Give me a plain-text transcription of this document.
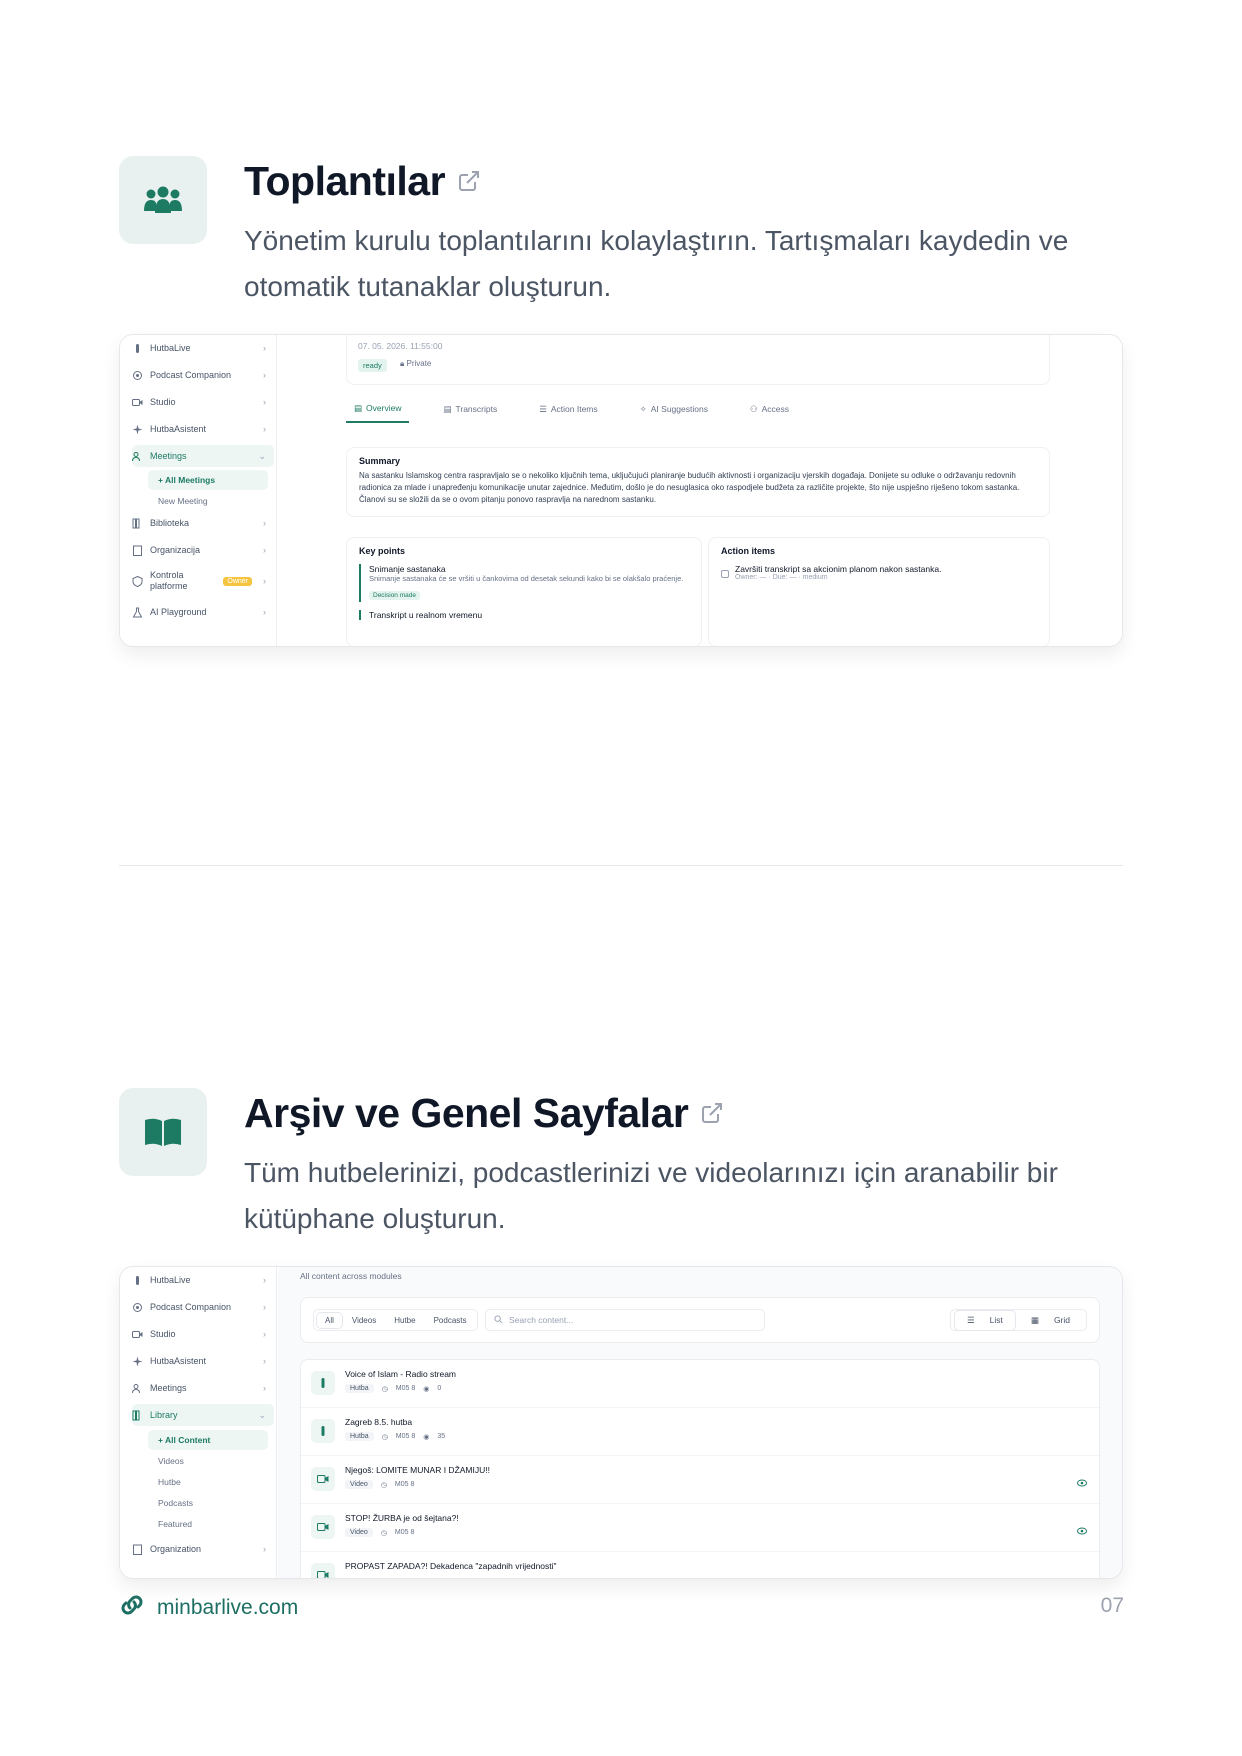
Toplantılar
Yönetim kurulu toplantılarını kolaylaştırın. Tartışmaları kaydedin ve otomatik tutanaklar oluşturun.
HutbaLive	›
Podcast Companion	›
Studio	›
HutbaAsistent	›
Meetings	⌄
+ All Meetings
New Meeting
Biblioteka	›
Organizacija	›
Kontrola platforme	Owner	›
AI Playground	›
07. 05. 2026. 11:55:00
ready	🔒︎ Private
▤ Overview	▤ Transcripts	☰ Action Items	✧ AI Suggestions	⚇ Access
Summary

Na sastanku Islamskog centra raspravljalo se o nekoliko ključnih tema, uključujući planiranje budućih aktivnosti i organizaciju vjerskih događaja. Donijete su odluke o održavanju redovnih radionica za mlade i unapređenju komunikacije unutar zajednice. Međutim, došlo je do nesuglasica oko raspodjele budžeta za različite projekte, što nije uspješno riješeno tokom sastanka. Članovi su se složili da se o ovom pitanju ponovo raspravlja na narednom sastanku.

Key points
Snimanje sastanaka
Snimanje sastanaka će se vršiti u čankovima od desetak sekundi kako bi se olakšalo praćenje.
Decision made
Transkript u realnom vremenu
Action items
Završiti transkript sa akcionim planom nakon sastanka.
Owner: — · Due: — · medium
Arşiv ve Genel Sayfalar
Tüm hutbelerinizi, podcastlerinizi ve videolarınızı için aranabilir bir kütüphane oluşturun.
HutbaLive	›
Podcast Companion	›
Studio	›
HutbaAsistent	›
Meetings	›
Library	⌄
+ All Content
Videos
Hutbe
Podcasts
Featured
Organization	›
All content across modules
All	Videos	Hutbe	Podcasts	Search content...	☰	List	▦	Grid
Voice of Islam - Radio stream
Hutba	◷ M05 8 ◉ 0
Zagreb 8.5. hutba
Hutba	◷ M05 8 ◉ 35
Njegoš: LOMITE MUNAR I DŽAMIJU!!
Video	◷ M05 8
STOP! ŽURBA je od šejtana?!
Video	◷ M05 8
PROPAST ZAPADA?! Dekadenca "zapadnih vrijednosti"
minbarlive.com	07
